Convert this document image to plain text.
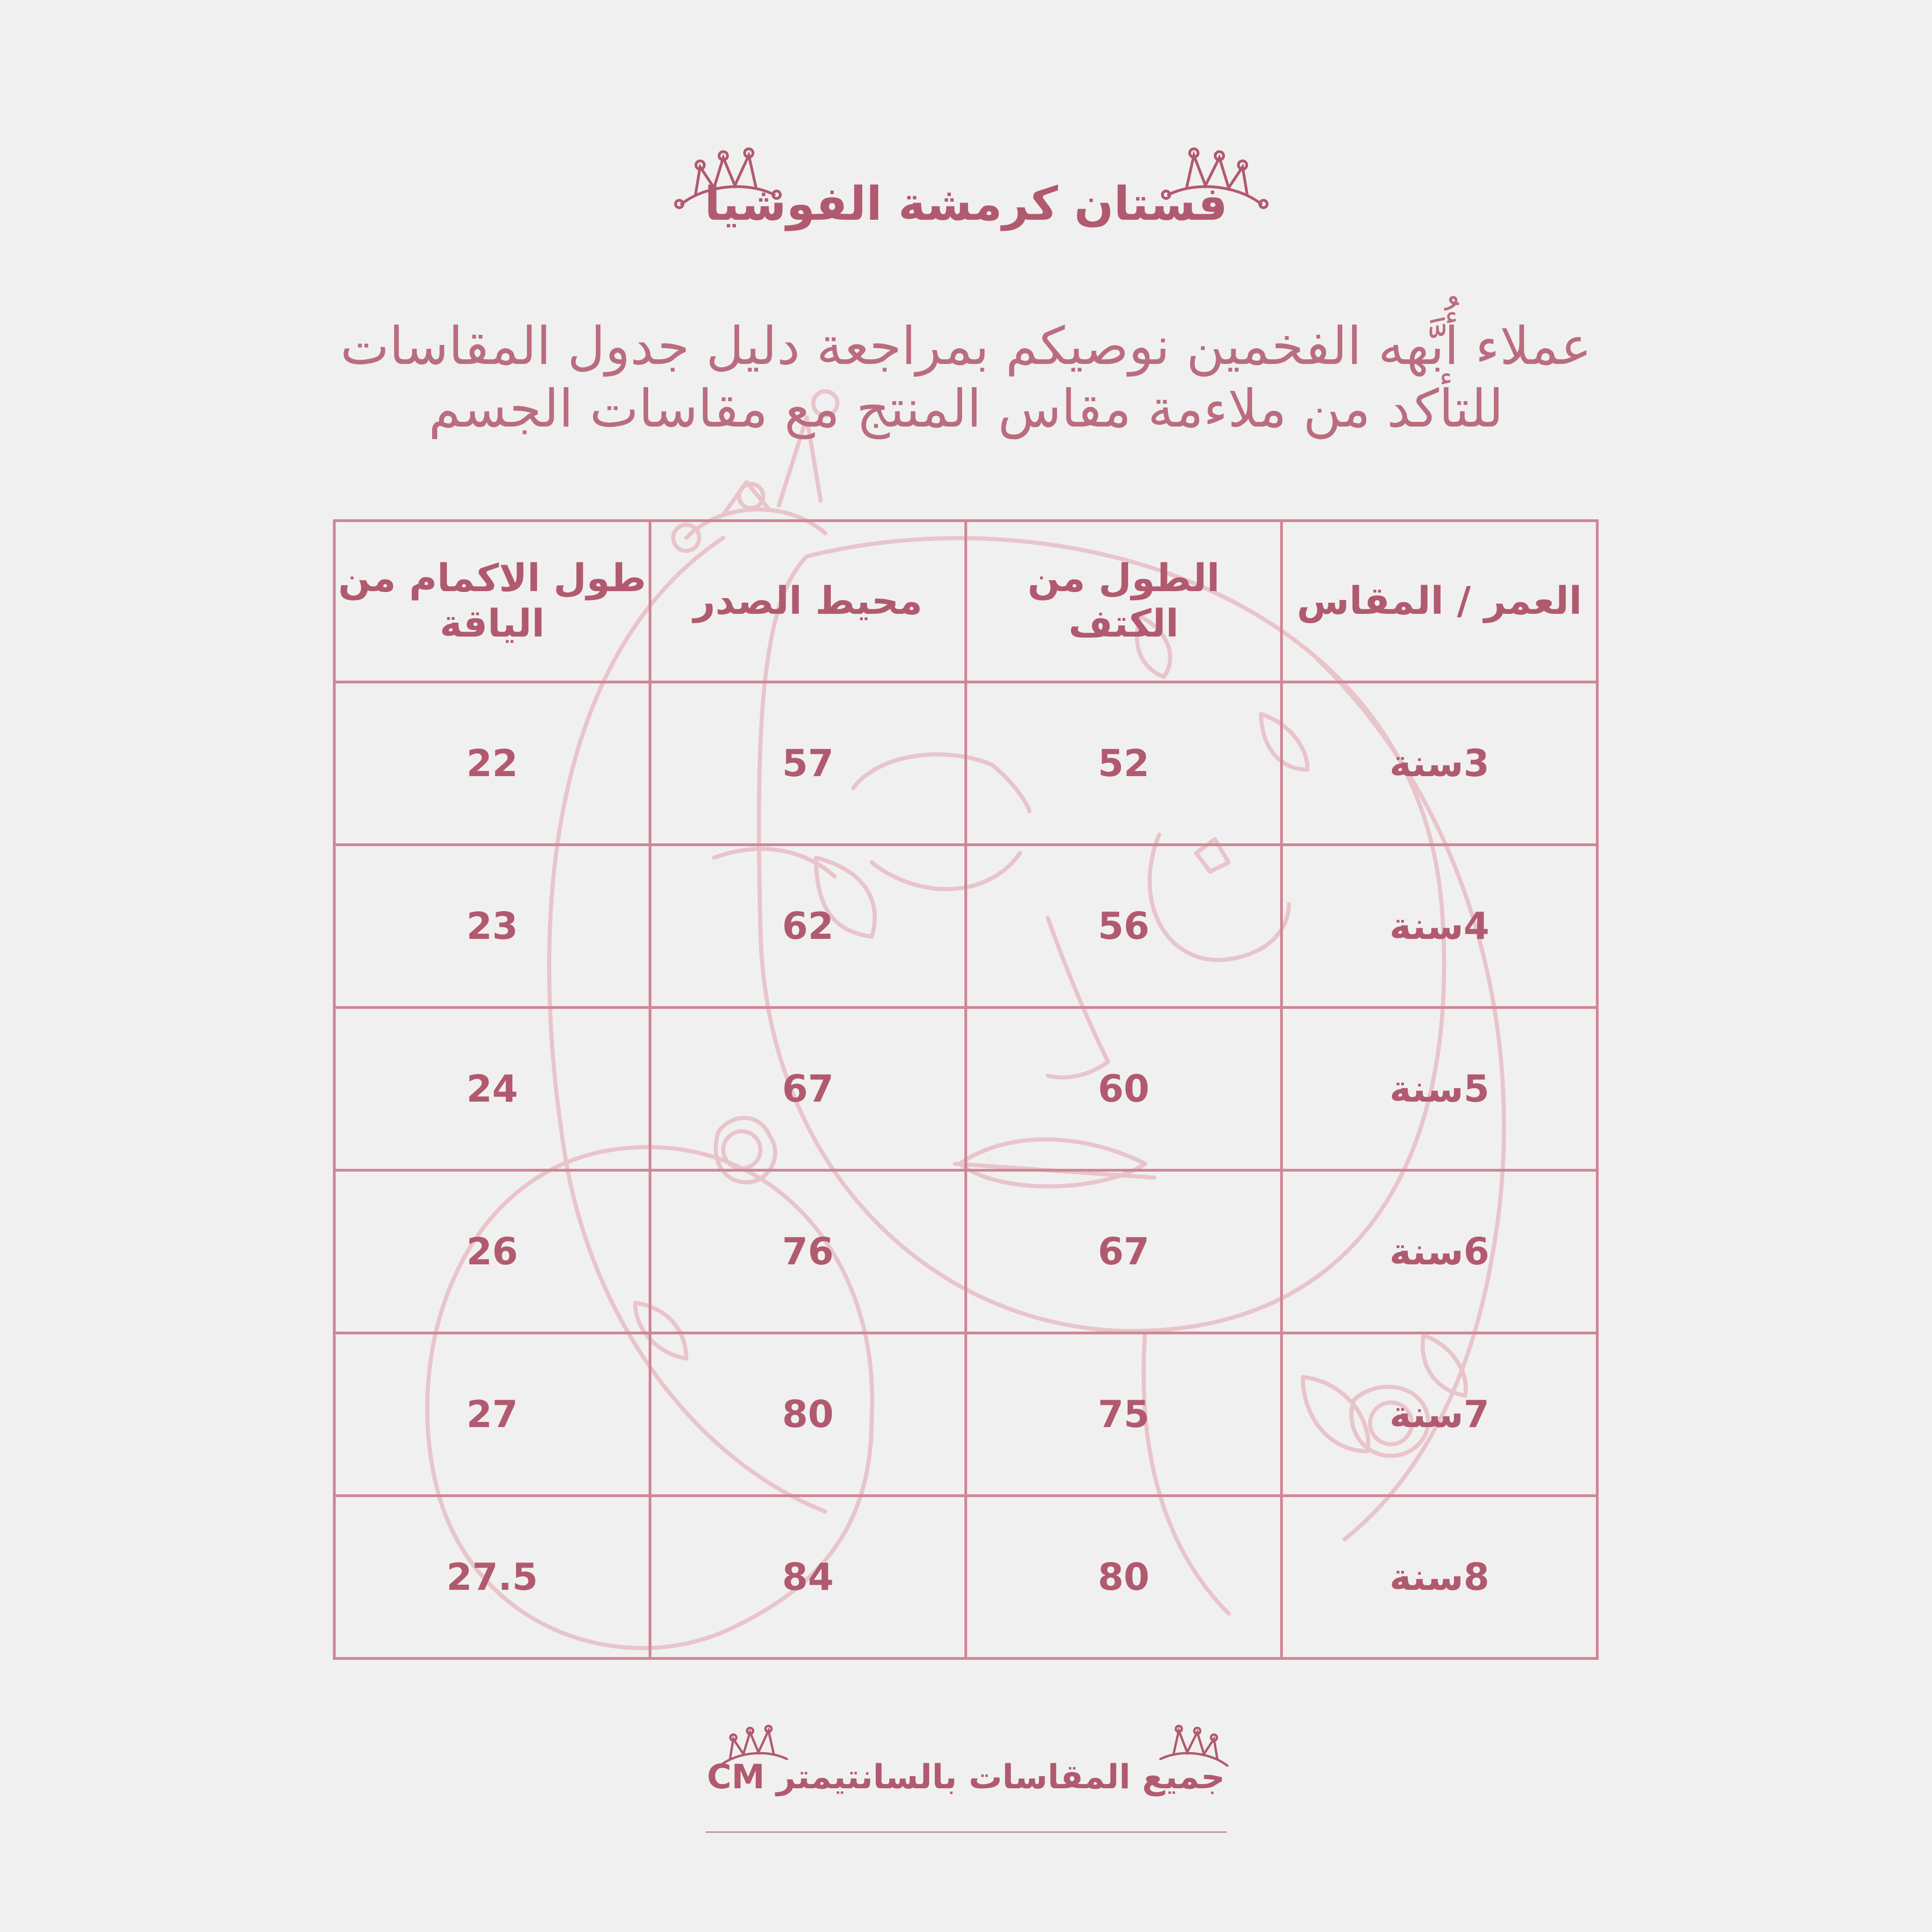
فستان كرمشة الفوشيا
عملاء أُبَّهه الفخمين نوصيكم بمراجعة دليل جدول المقاسات
للتأكد من ملاءمة مقاس المنتج مع مقاسات الجسم
العمر / المقاس	الطول من الكتف	محيط الصدر	طول الاكمام من الياقة
3سنة	52	57	22
4سنة	56	62	23
5سنة	60	67	24
6سنة	67	76	26
7سنة	75	80	27
8سنة	80	84	27.5
جميع المقاسات بالسانتيمتر CM
